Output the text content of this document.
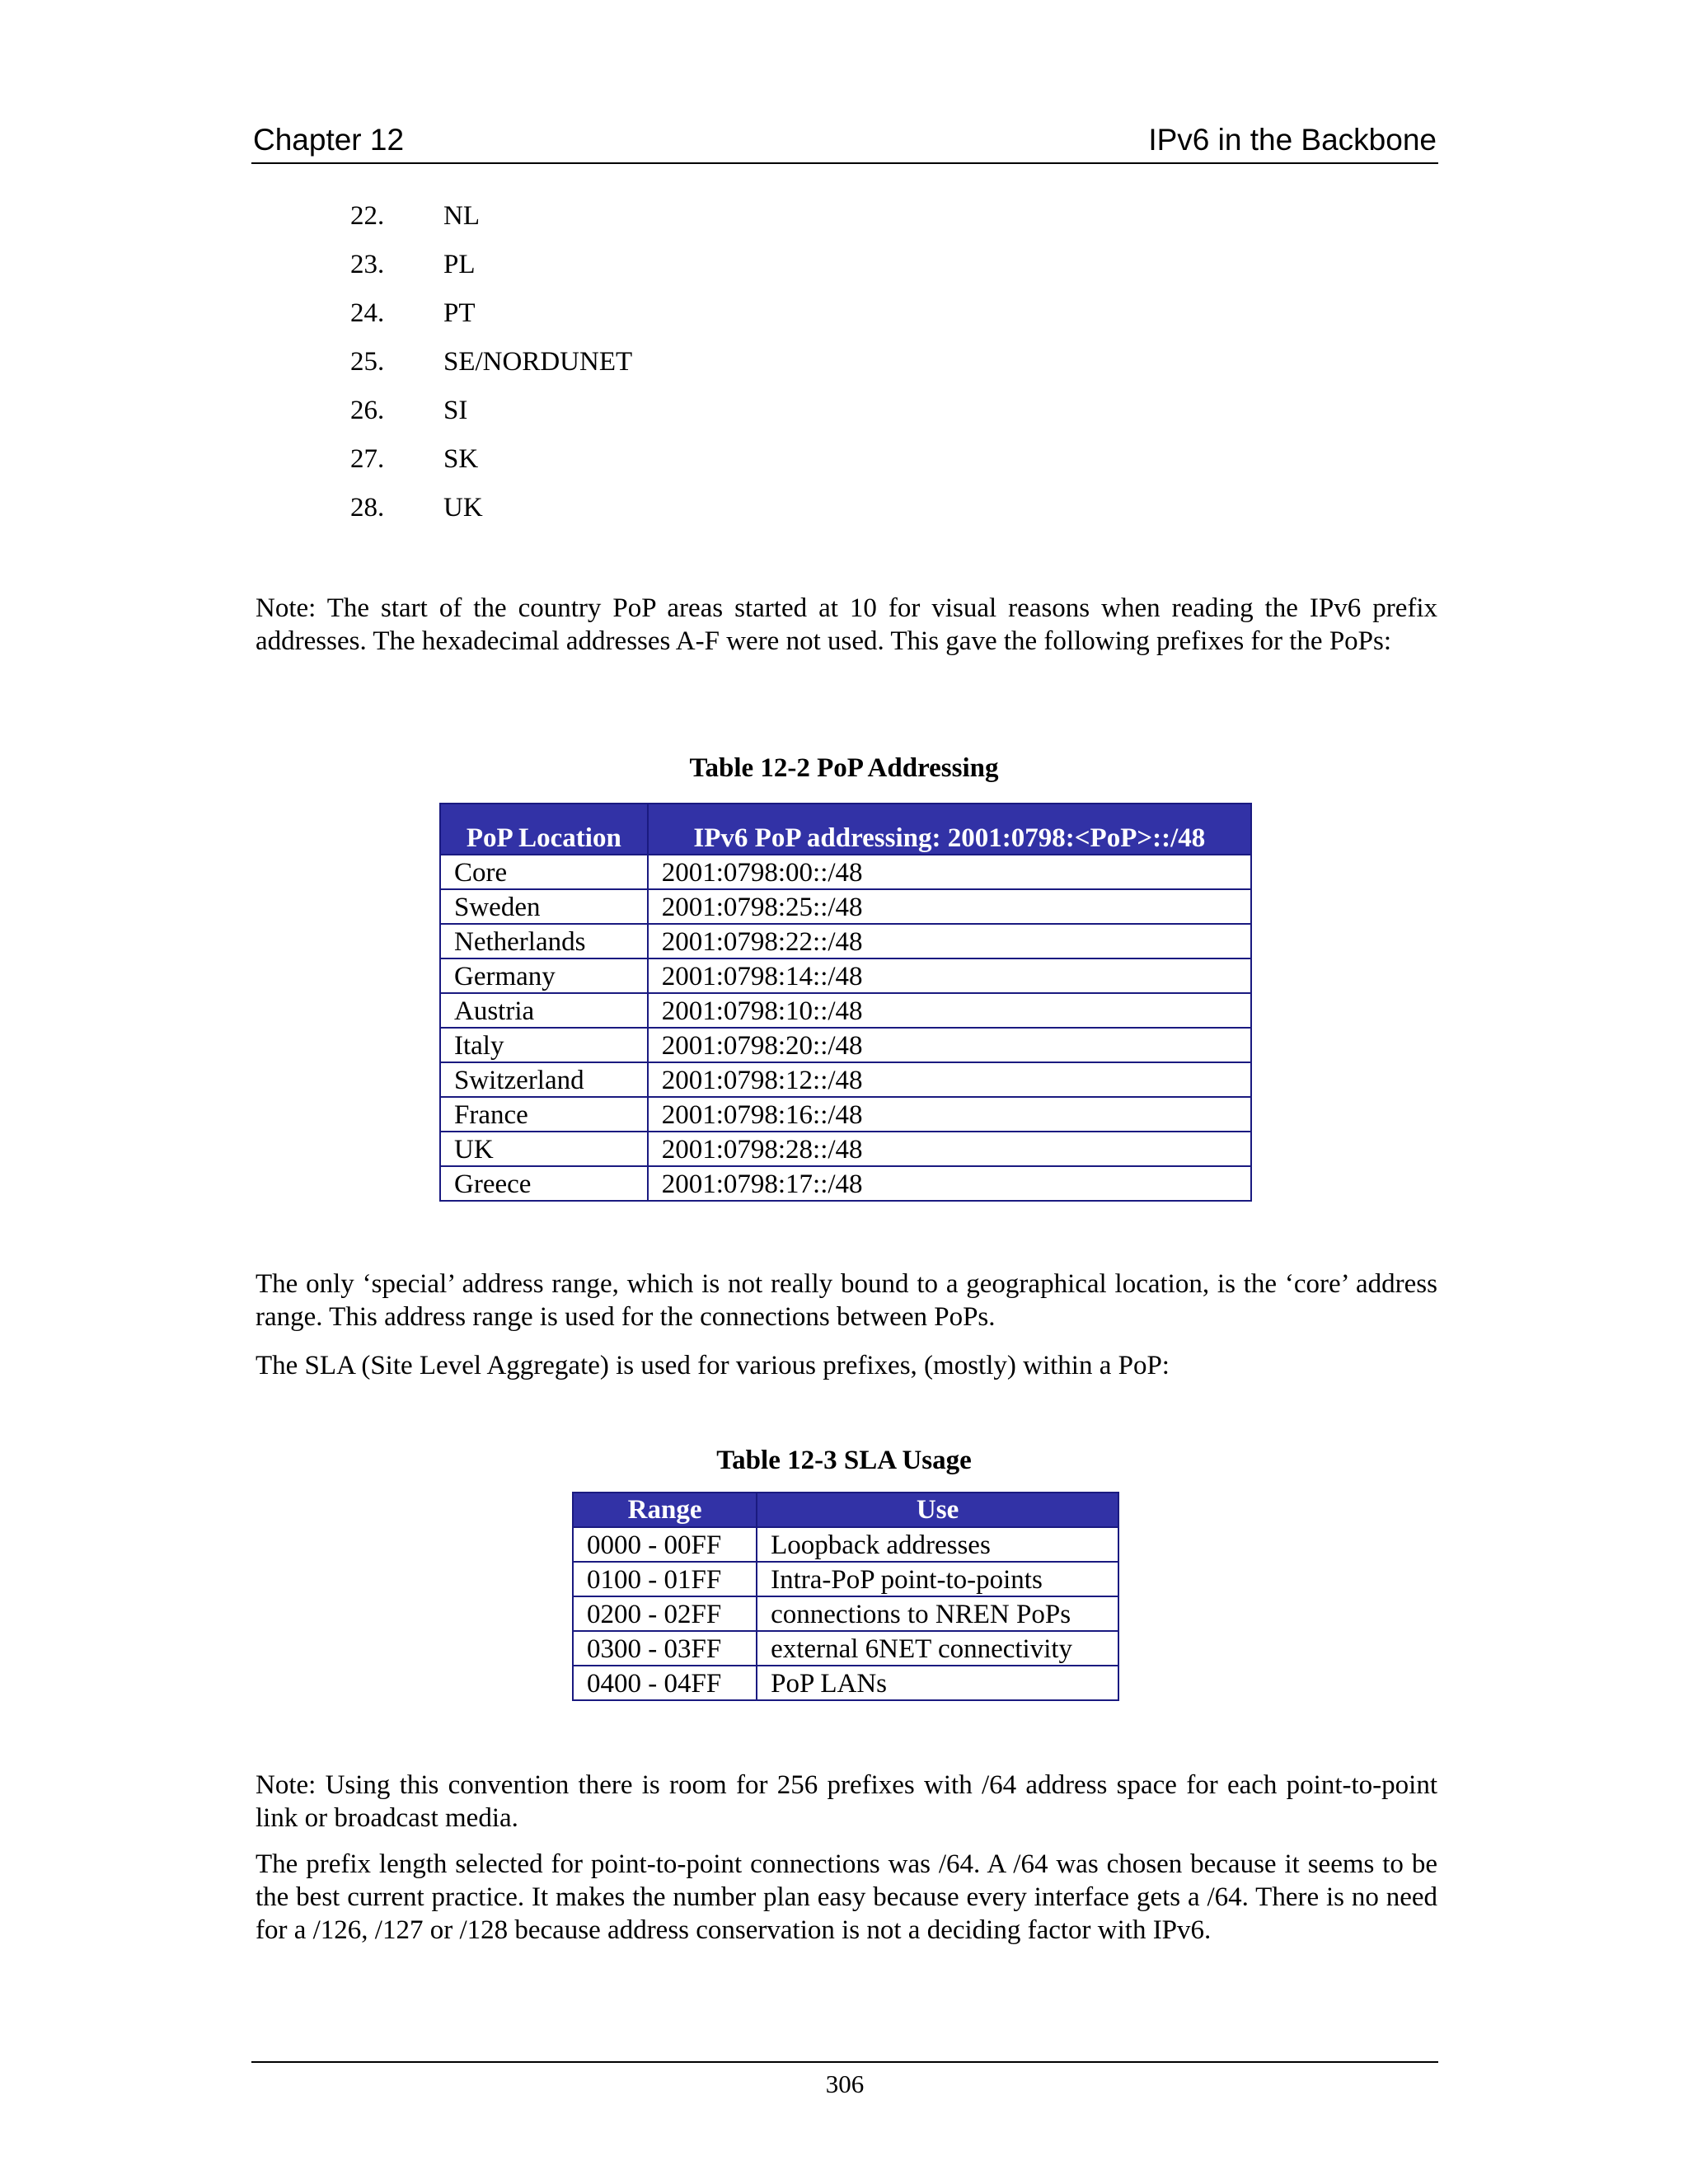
Chapter 12	IPv6 in the Backbone
22. NL
23. PL
24. PT
25. SE/NORDUNET
26. SI
27. SK
28. UK
Note: The start of the country PoP areas started at 10 for visual reasons when reading the IPv6 prefix addresses. The hexadecimal addresses A-F were not used. This gave the following prefixes for the PoPs:
Table 12-2 PoP Addressing
PoP Location	IPv6 PoP addressing: 2001:0798:<PoP>::/48
Core	2001:0798:00::/48
Sweden	2001:0798:25::/48
Netherlands	2001:0798:22::/48
Germany	2001:0798:14::/48
Austria	2001:0798:10::/48
Italy	2001:0798:20::/48
Switzerland	2001:0798:12::/48
France	2001:0798:16::/48
UK	2001:0798:28::/48
Greece	2001:0798:17::/48
The only ‘special’ address range, which is not really bound to a geographical location, is the ‘core’ address range. This address range is used for the connections between PoPs.
The SLA (Site Level Aggregate) is used for various prefixes, (mostly) within a PoP:
Table 12-3 SLA Usage
Range	Use
0000 - 00FF	Loopback addresses
0100 - 01FF	Intra-PoP point-to-points
0200 - 02FF	connections to NREN PoPs
0300 - 03FF	external 6NET connectivity
0400 - 04FF	PoP LANs
Note: Using this convention there is room for 256 prefixes with /64 address space for each point-to-point link or broadcast media.
The prefix length selected for point-to-point connections was /64. A /64 was chosen because it seems to be the best current practice. It makes the number plan easy because every interface gets a /64. There is no need for a /126, /127 or /128 because address conservation is not a deciding factor with IPv6.
306
